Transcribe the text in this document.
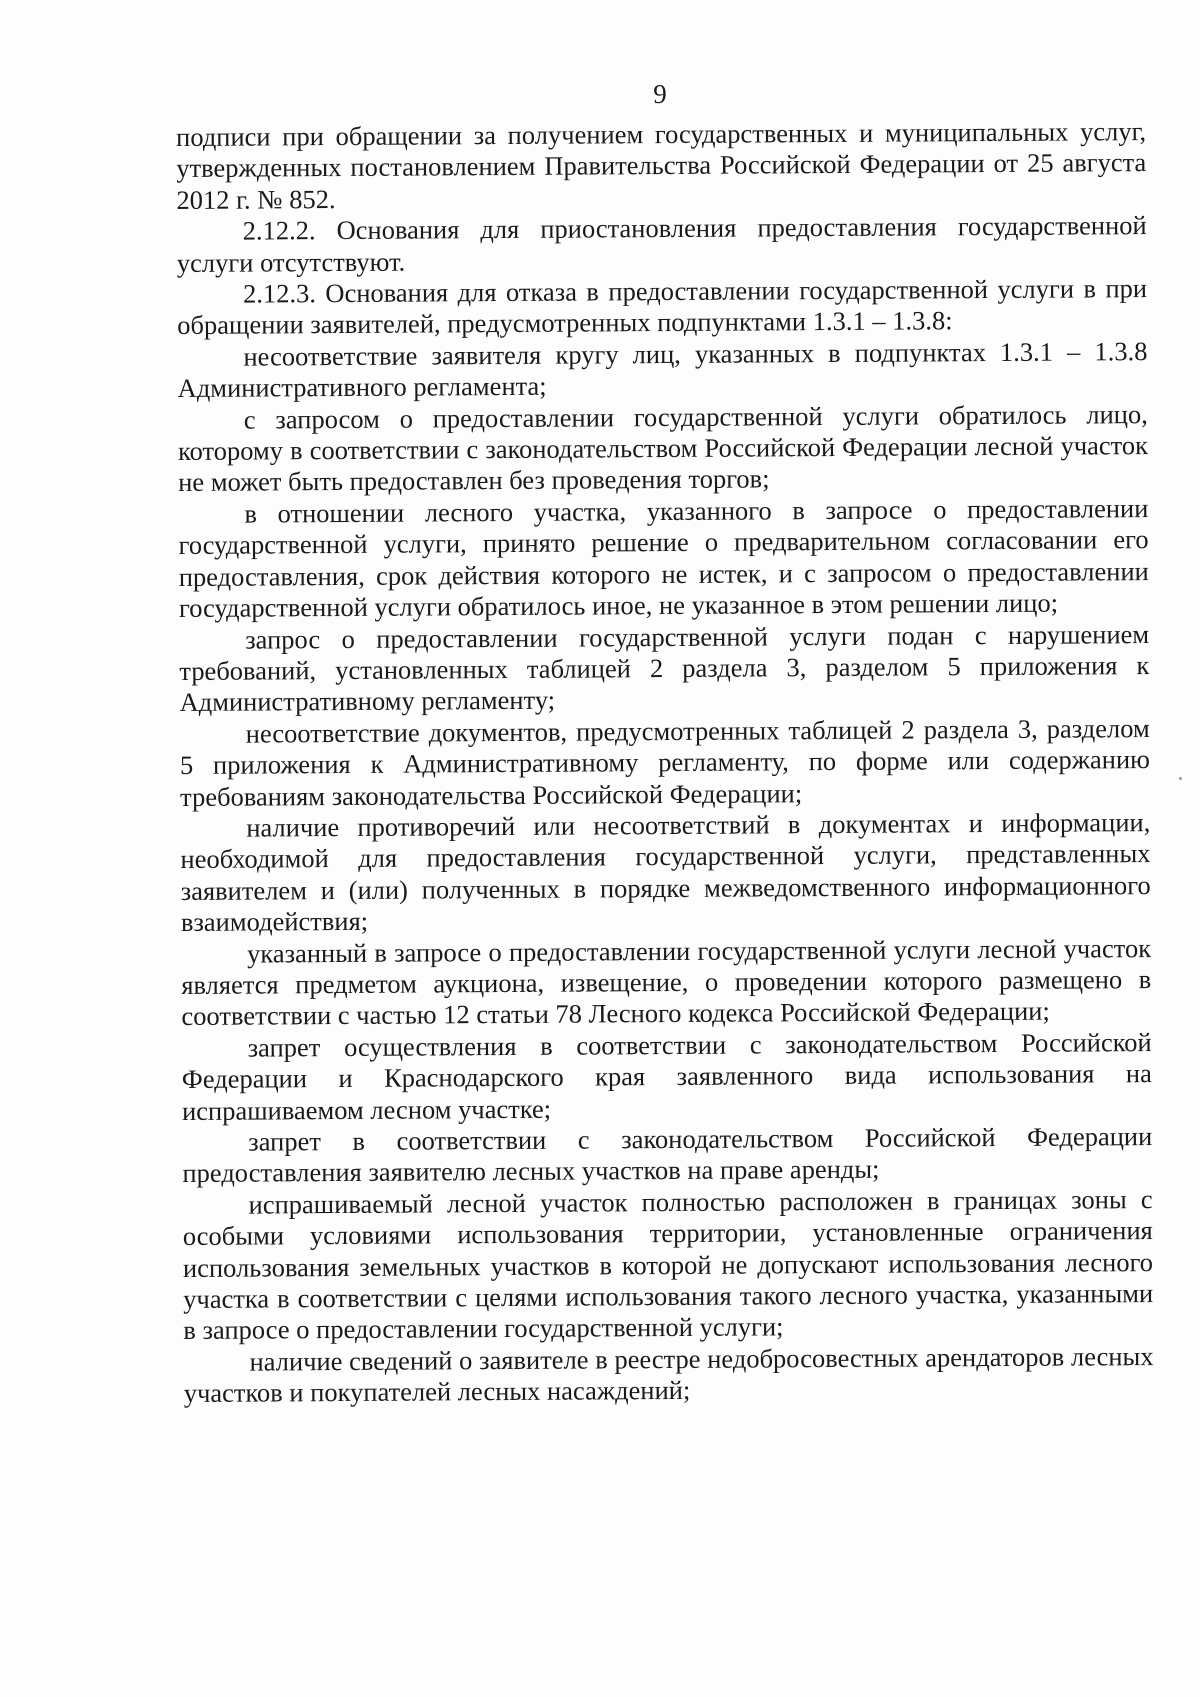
9

подписи при обращении за получением государственных и муниципальных услуг, утвержденных постановлением Правительства Российской Федерации от 25 августа 2012 г. № 852.

2.12.2. Основания для приостановления предоставления государственной услуги отсутствуют.

2.12.3. Основания для отказа в предоставлении государственной услуги в при обращении заявителей, предусмотренных подпунктами 1.3.1 – 1.3.8:

несоответствие заявителя кругу лиц, указанных в подпунктах 1.3.1 – 1.3.8 Административного регламента;

с запросом о предоставлении государственной услуги обратилось лицо, которому в соответствии с законодательством Российской Федерации лесной участок не может быть предоставлен без проведения торгов;

в отношении лесного участка, указанного в запросе о предоставлении государственной услуги, принято решение о предварительном согласовании его предоставления, срок действия которого не истек, и с запросом о предоставлении государственной услуги обратилось иное, не указанное в этом решении лицо;

запрос о предоставлении государственной услуги подан с нарушением требований, установленных таблицей 2 раздела 3, разделом 5 приложения к Административному регламенту;

несоответствие документов, предусмотренных таблицей 2 раздела 3, разделом 5 приложения к Административному регламенту, по форме или содержанию требованиям законодательства Российской Федерации;

наличие противоречий или несоответствий в документах и информации, необходимой для предоставления государственной услуги, представленных заявителем и (или) полученных в порядке межведомственного информационного взаимодействия;

указанный в запросе о предоставлении государственной услуги лесной участок является предметом аукциона, извещение, о проведении которого размещено в соответствии с частью 12 статьи 78 Лесного кодекса Российской Федерации;

запрет осуществления в соответствии с законодательством Российской Федерации и Краснодарского края заявленного вида использования на испрашиваемом лесном участке;

запрет в соответствии с законодательством Российской Федерации предоставления заявителю лесных участков на праве аренды;

испрашиваемый лесной участок полностью расположен в границах зоны с особыми условиями использования территории, установленные ограничения использования земельных участков в которой не допускают использования лесного участка в соответствии с целями использования такого лесного участка, указанными в запросе о предоставлении государственной услуги;

наличие сведений о заявителе в реестре недобросовестных арендаторов лесных участков и покупателей лесных насаждений;
